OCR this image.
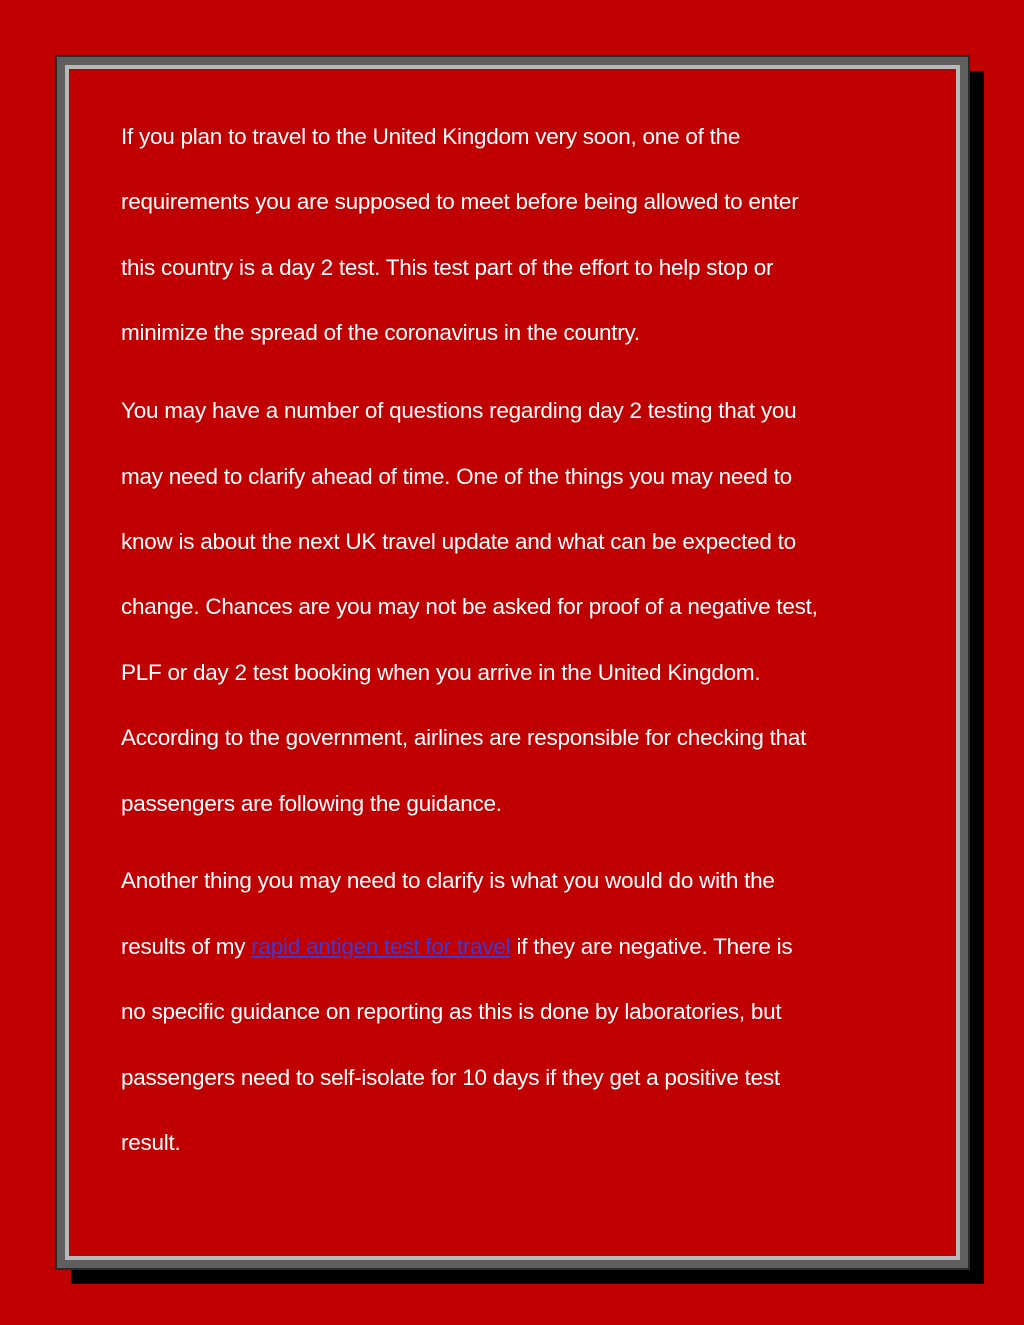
If you plan to travel to the United Kingdom very soon, one of the
requirements you are supposed to meet before being allowed to enter
this country is a day 2 test. This test part of the effort to help stop or
minimize the spread of the coronavirus in the country.

You may have a number of questions regarding day 2 testing that you
may need to clarify ahead of time. One of the things you may need to
know is about the next UK travel update and what can be expected to
change. Chances are you may not be asked for proof of a negative test,
PLF or day 2 test booking when you arrive in the United Kingdom.
According to the government, airlines are responsible for checking that
passengers are following the guidance.

Another thing you may need to clarify is what you would do with the
results of my rapid antigen test for travel if they are negative. There is
no specific guidance on reporting as this is done by laboratories, but
passengers need to self-isolate for 10 days if they get a positive test
result.
